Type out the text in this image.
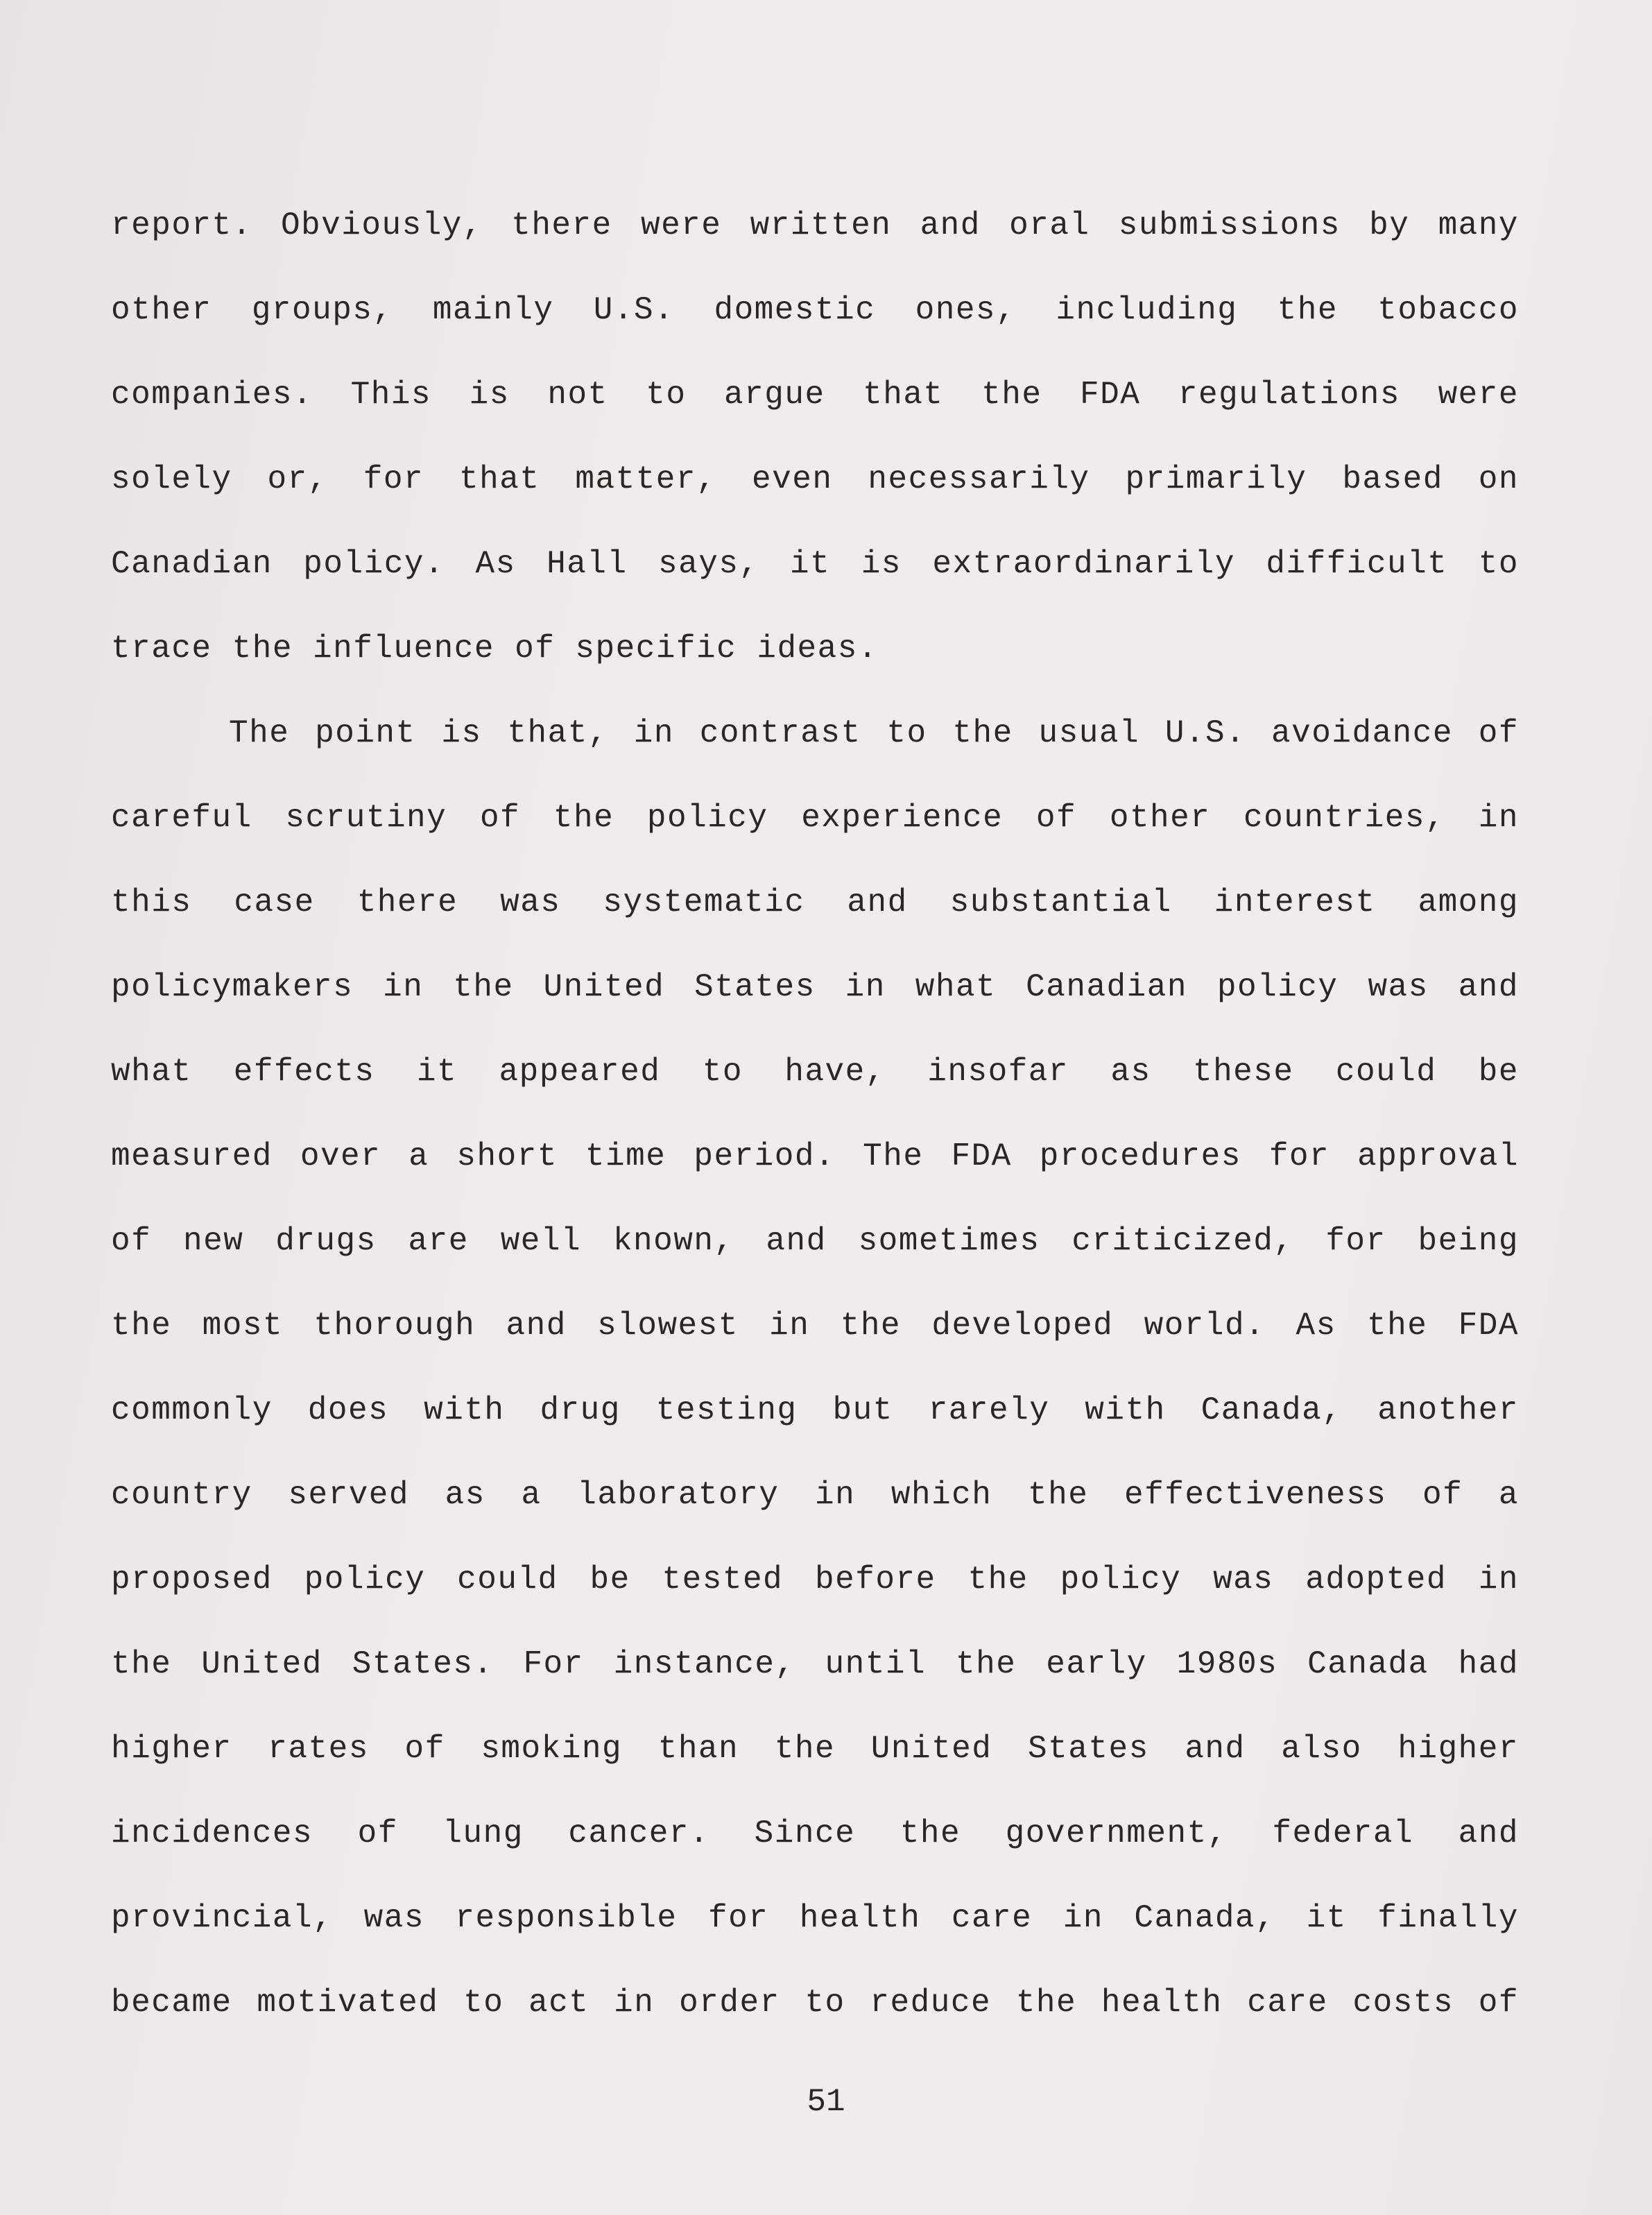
report. Obviously, there were written and oral submissions by many
other groups, mainly U.S. domestic ones, including the tobacco
companies. This is not to argue that the FDA regulations were
solely or, for that matter, even necessarily primarily based on
Canadian policy. As Hall says, it is extraordinarily difficult to
trace the influence of specific ideas.
The point is that, in contrast to the usual U.S. avoidance of
careful scrutiny of the policy experience of other countries, in
this case there was systematic and substantial interest among
policymakers in the United States in what Canadian policy was and
what effects it appeared to have, insofar as these could be
measured over a short time period. The FDA procedures for approval
of new drugs are well known, and sometimes criticized, for being
the most thorough and slowest in the developed world. As the FDA
commonly does with drug testing but rarely with Canada, another
country served as a laboratory in which the effectiveness of a
proposed policy could be tested before the policy was adopted in
the United States. For instance, until the early 1980s Canada had
higher rates of smoking than the United States and also higher
incidences of lung cancer. Since the government, federal and
provincial, was responsible for health care in Canada, it finally
became motivated to act in order to reduce the health care costs of
51
